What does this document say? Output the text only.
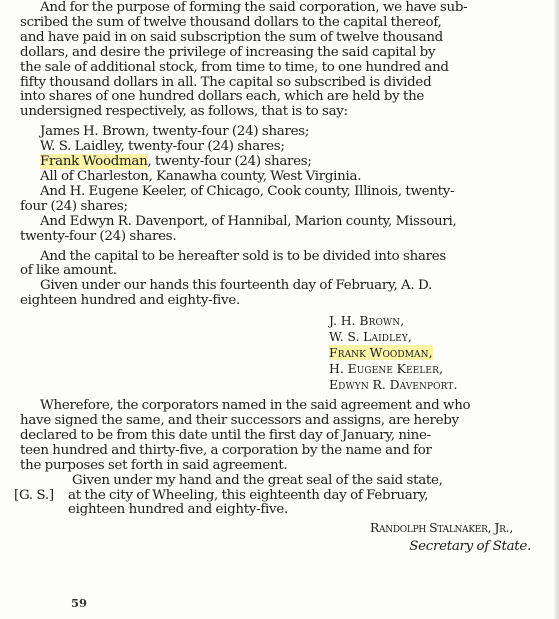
And for the purpose of forming the said corporation, we have sub-
scribed the sum of twelve thousand dollars to the capital thereof,
and have paid in on said subscription the sum of twelve thousand
dollars, and desire the privilege of increasing the said capital by
the sale of additional stock, from time to time, to one hundred and
fifty thousand dollars in all. The capital so subscribed is divided
into shares of one hundred dollars each, which are held by the
undersigned respectively, as follows, that is to say:
James H. Brown, twenty-four (24) shares;
W. S. Laidley, twenty-four (24) shares;
Frank Woodman, twenty-four (24) shares;
All of Charleston, Kanawha county, West Virginia.
And H. Eugene Keeler, of Chicago, Cook county, Illinois, twenty-
four (24) shares;
And Edwyn R. Davenport, of Hannibal, Marion county, Missouri,
twenty-four (24) shares.
And the capital to be hereafter sold is to be divided into shares
of like amount.
Given under our hands this fourteenth day of February, A. D.
eighteen hundred and eighty-five.
J. H. Brown,
W. S. Laidley,
Frank Woodman,
H. Eugene Keeler,
Edwyn R. Davenport.
Wherefore, the corporators named in the said agreement and who
have signed the same, and their successors and assigns, are hereby
declared to be from this date until the first day of January, nine-
teen hundred and thirty-five, a corporation by the name and for
the purposes set forth in said agreement.
Given under my hand and the great seal of the said state,
[G. S.]	at the city of Wheeling, this eighteenth day of February,
eighteen hundred and eighty-five.
Randolph Stalnaker, Jr.,
Secretary of State.
59
